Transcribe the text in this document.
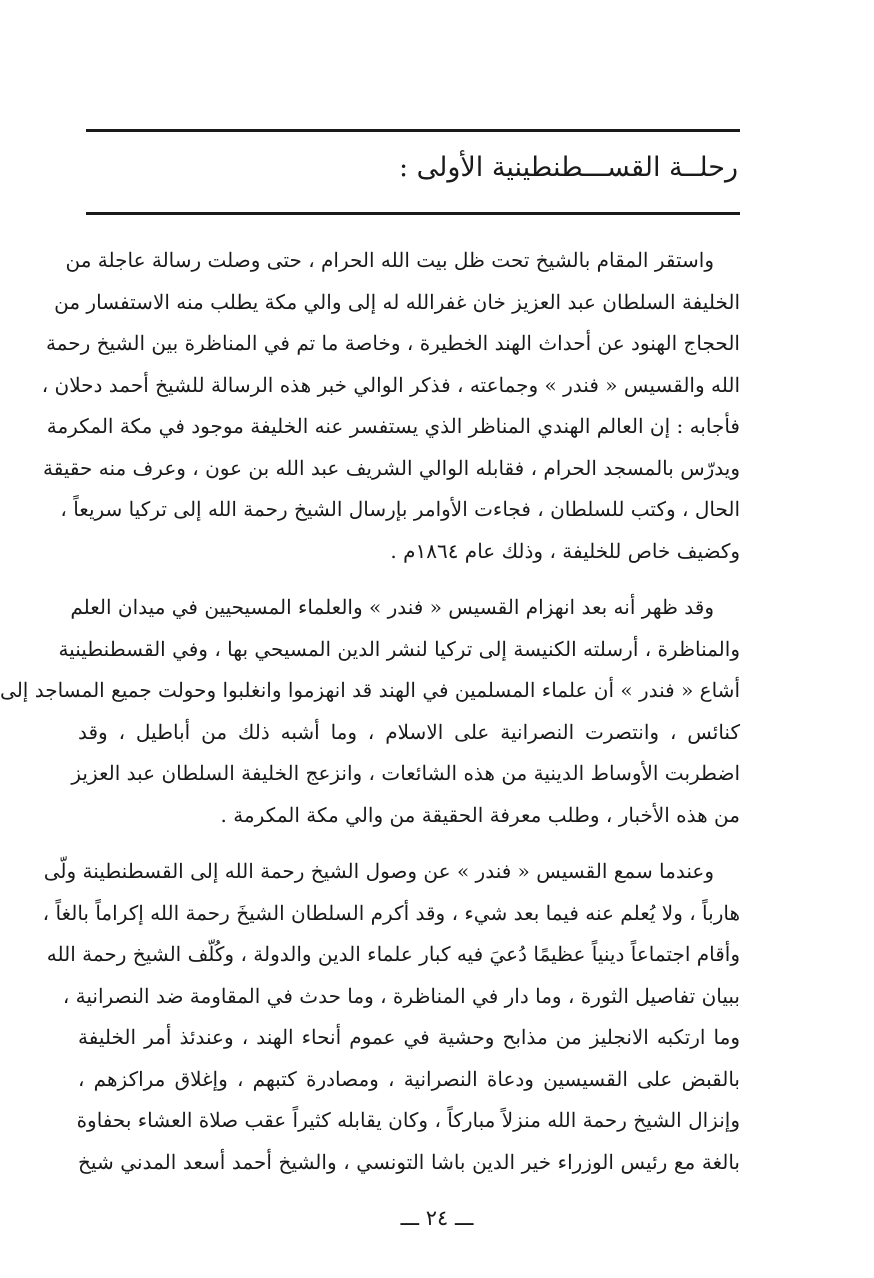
رحلــة القســـطنطينية الأولى :
واستقر المقام بالشيخ تحت ظل بيت الله الحرام ، حتى وصلت رسالة عاجلة من
الخليفة السلطان عبد العزيز خان غفرالله له إلى والي مكة يطلب منه الاستفسار من
الحجاج الهنود عن أحداث الهند الخطيرة ، وخاصة ما تم في المناظرة بين الشيخ رحمة
الله والقسيس « فندر » وجماعته ، فذكر الوالي خبر هذه الرسالة للشيخ أحمد دحلان ،
فأجابه : إن العالم الهندي المناظر الذي يستفسر عنه الخليفة موجود في مكة المكرمة
ويدرّس بالمسجد الحرام ، فقابله الوالي الشريف عبد الله بن عون ، وعرف منه حقيقة
الحال ، وكتب للسلطان ، فجاءت الأوامر بإرسال الشيخ رحمة الله إلى تركيا سريعاً ،
وكضيف خاص للخليفة ، وذلك عام ١٨٦٤م .
وقد ظهر أنه بعد انهزام القسيس « فندر » والعلماء المسيحيين في ميدان العلم
والمناظرة ، أرسلته الكنيسة إلى تركيا لنشر الدين المسيحي بها ، وفي القسطنطينية
أشاع « فندر » أن علماء المسلمين في الهند قد انهزموا وانغلبوا وحولت جميع المساجد إلى
كنائس ، وانتصرت النصرانية على الاسلام ، وما أشبه ذلك من أباطيل ، وقد
اضطربت الأوساط الدينية من هذه الشائعات ، وانزعج الخليفة السلطان عبد العزيز
من هذه الأخبار ، وطلب معرفة الحقيقة من والي مكة المكرمة .
وعندما سمع القسيس « فندر » عن وصول الشيخ رحمة الله إلى القسطنطينة ولّى
هارباً ، ولا يُعلم عنه فيما بعد شيء ، وقد أكرم السلطان الشيخَ رحمة الله إكراماً بالغاً ،
وأقام اجتماعاً دينياً عظيمًا دُعيَ فيه كبار علماء الدين والدولة ، وكُلّف الشيخ رحمة الله
ببيان تفاصيل الثورة ، وما دار في المناظرة ، وما حدث في المقاومة ضد النصرانية ،
وما ارتكبه الانجليز من مذابح وحشية في عموم أنحاء الهند ، وعندئذ أمر الخليفة
بالقبض على القسيسين ودعاة النصرانية ، ومصادرة كتبهم ، وإغلاق مراكزهم ،
وإنزال الشيخ رحمة الله منزلاً مباركاً ، وكان يقابله كثيراً عقب صلاة العشاء بحفاوة
بالغة مع رئيس الوزراء خير الدين باشا التونسي ، والشيخ أحمد أسعد المدني شيخ
ـــ ٢٤ ـــ
